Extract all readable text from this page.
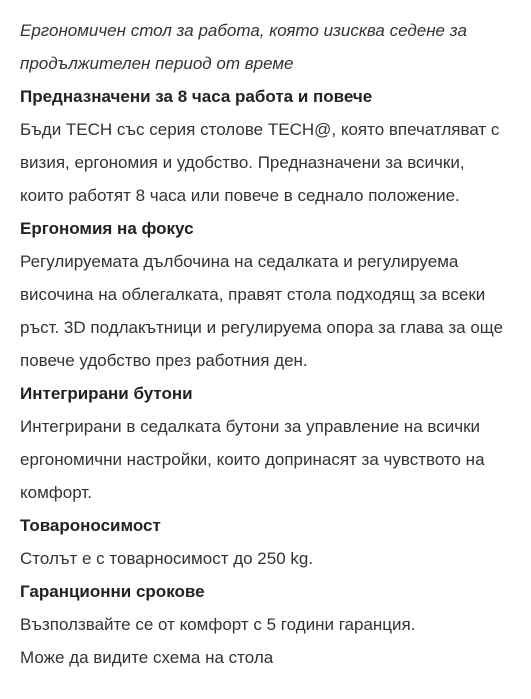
Ергономичен стол за работа, която изисква седене за продължителен период от време

Предназначени за 8 часа работа и повече

Бъди TECH със серия столове TECH@, която впечатляват с визия, ергономия и удобство. Предназначени за всички, които работят 8 часа или повече в седнало положение.

Ергономия на фокус

Регулируемата дълбочина на седалката и регулируема височина на облегалката, правят стола подходящ за всеки ръст. 3D подлакътници и регулируема опора за глава за още повече удобство през работния ден.

Интегрирани бутони

Интегрирани в седалката бутони за управление на всички ергономични настройки, които допринасят за чувството на комфорт.

Товароносимост

Столът е с товарносимост до 250 kg.

Гаранционни срокове

Възползвайте се от комфорт с 5 години гаранция.

Може да видите схема на стола
